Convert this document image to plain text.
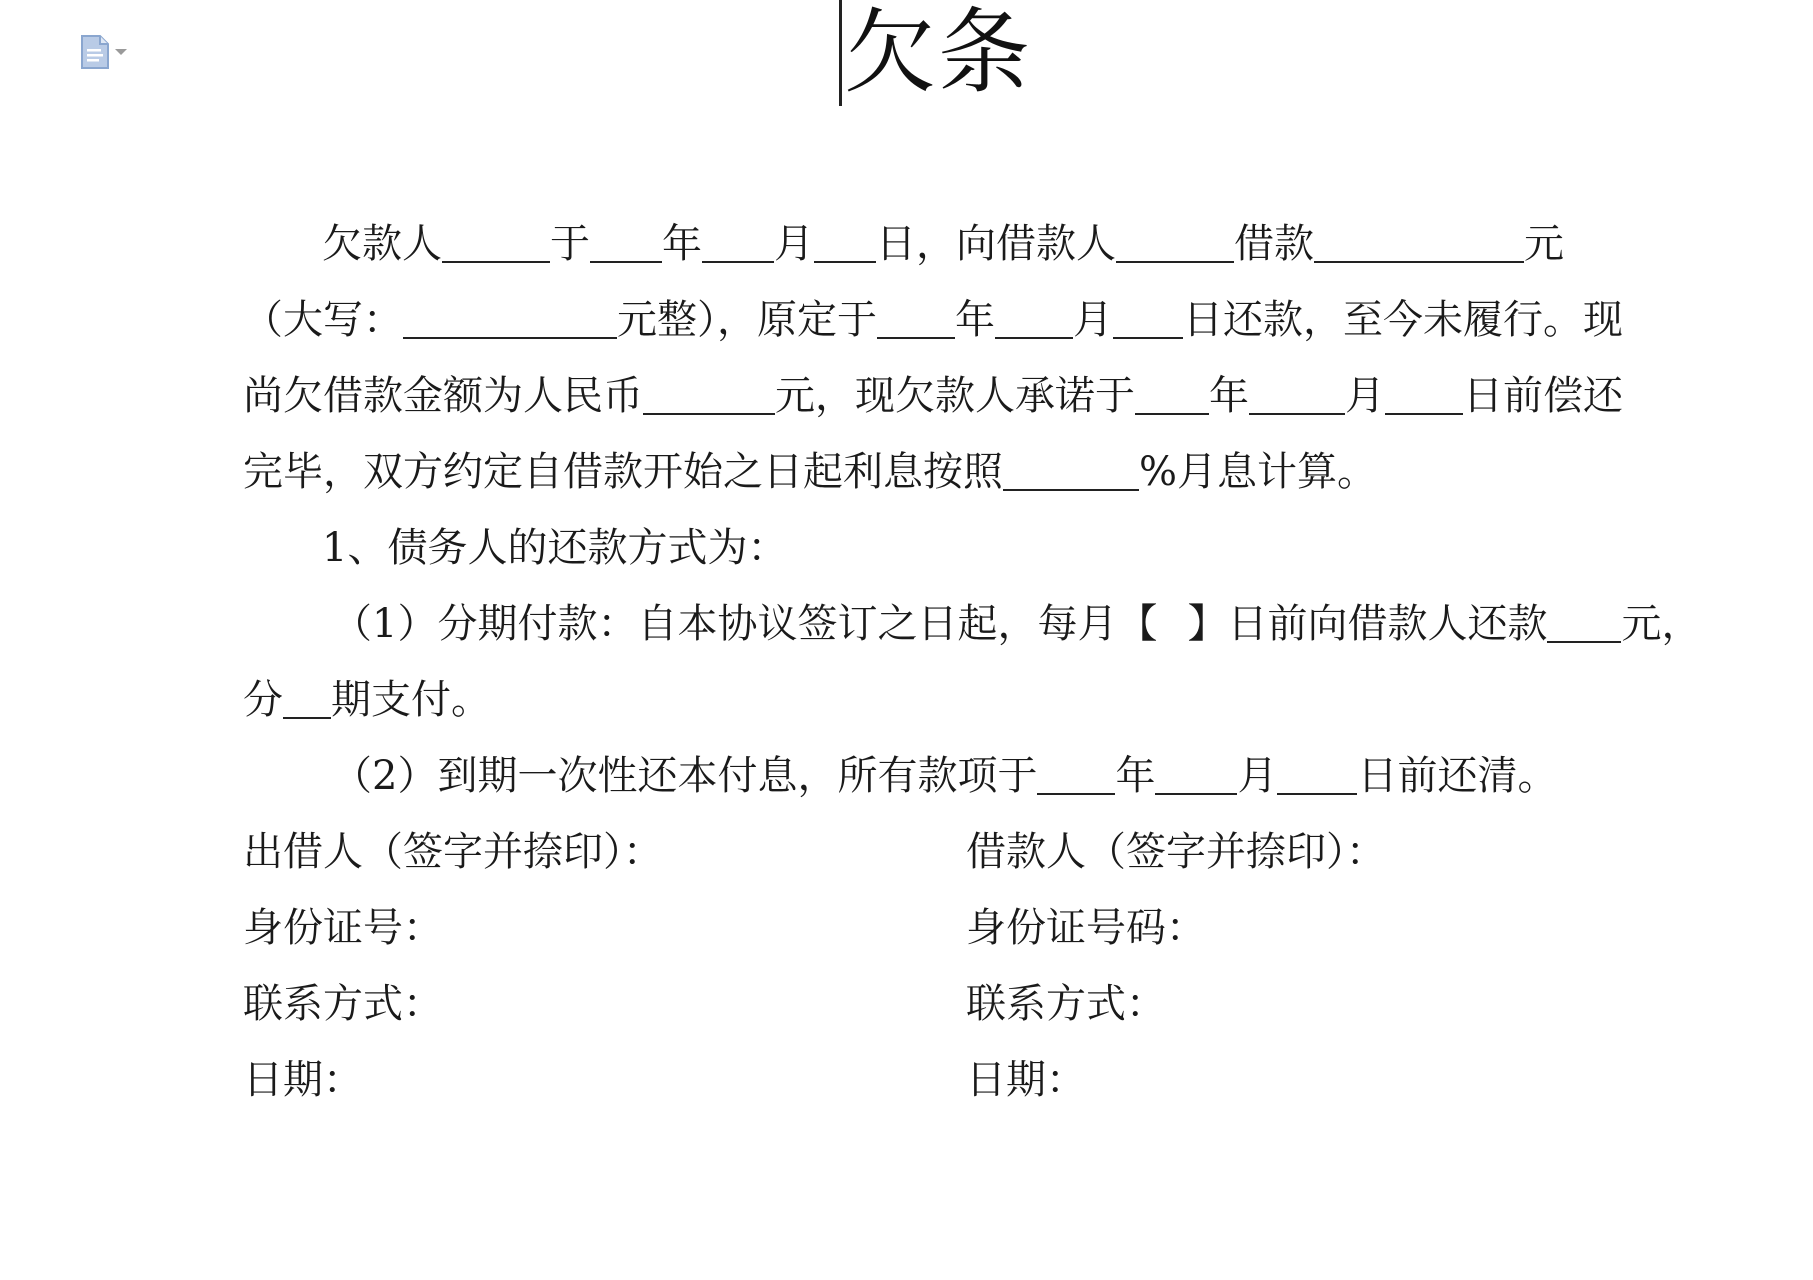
欠条
欠款人	于 年 月 日，向借款人	借款	元
（大写：	元整），原定于 年 月 日还款，至今未履行。现
尚欠借款金额为人民币	元，现欠款人承诺于 年 月 日前偿还
完毕，双方约定自借款开始之日起利息按照	%月息计算。
1、债务人的还款方式为：
（1）分期付款：自本协议签订之日起，每月【 】日前向借款人还款 元，
分 期支付。
（2）到期一次性还本付息，所有款项于 年 月 日前还清。
出借人（签字并捺印）：
身份证号：
联系方式：
日期：
借款人（签字并捺印）：
身份证号码：
联系方式：
日期：
